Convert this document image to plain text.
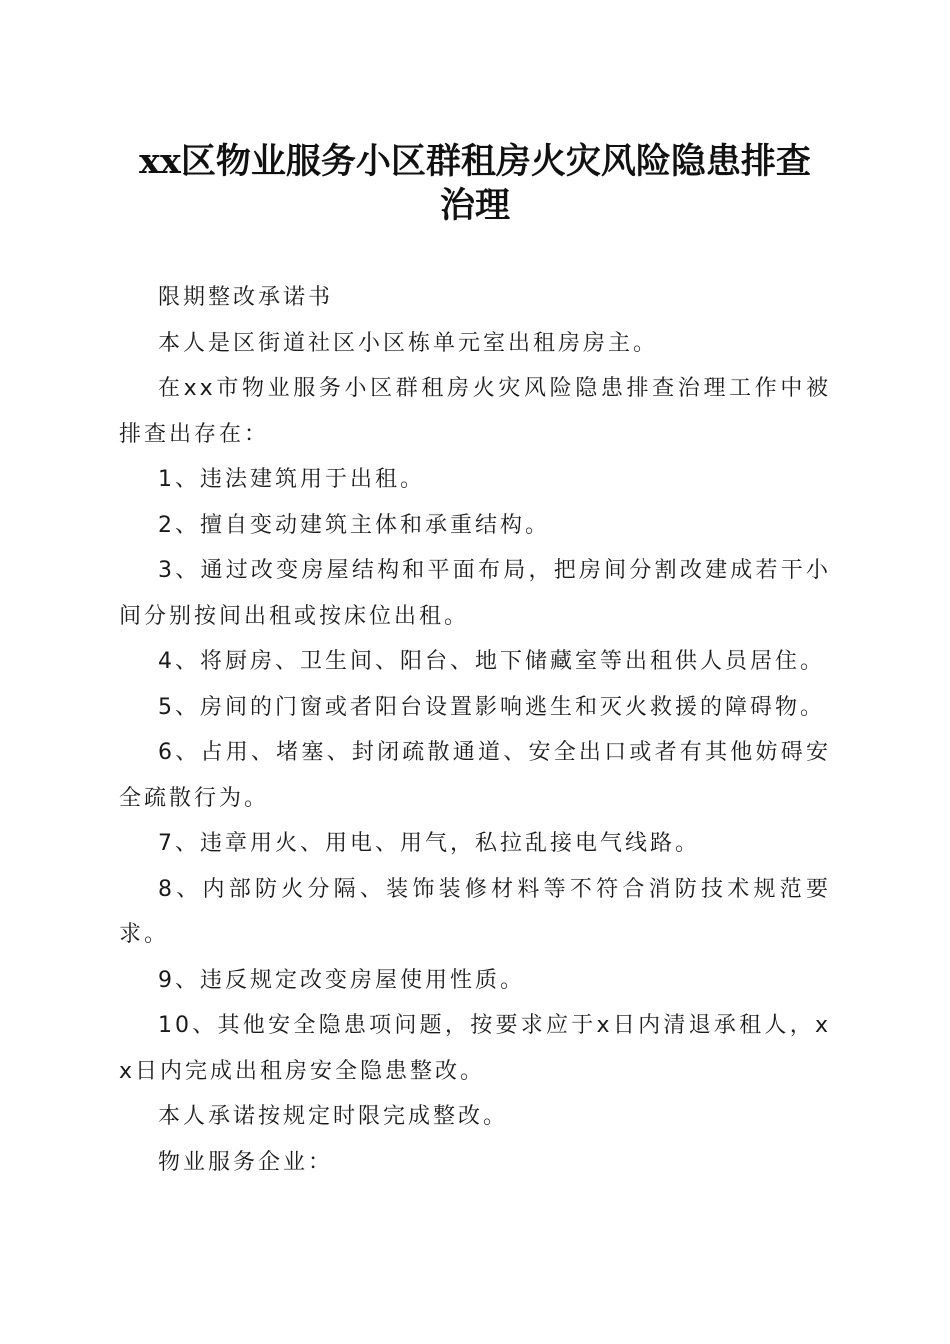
xx区物业服务小区群租房火灾风险隐患排查
治理

限期整改承诺书

本人是区街道社区小区栋单元室出租房房主。

在xx市物业服务小区群租房火灾风险隐患排查治理工作中被排查出存在：

1、违法建筑用于出租。

2、擅自变动建筑主体和承重结构。

3、通过改变房屋结构和平面布局，把房间分割改建成若干小间分别按间出租或按床位出租。

4、将厨房、卫生间、阳台、地下储藏室等出租供人员居住。

5、房间的门窗或者阳台设置影响逃生和灭火救援的障碍物。

6、占用、堵塞、封闭疏散通道、安全出口或者有其他妨碍安全疏散行为。

7、违章用火、用电、用气，私拉乱接电气线路。

8、内部防火分隔、装饰装修材料等不符合消防技术规范要求。

9、违反规定改变房屋使用性质。

10、其他安全隐患项问题，按要求应于x日内清退承租人，xx日内完成出租房安全隐患整改。

本人承诺按规定时限完成整改。

物业服务企业：
